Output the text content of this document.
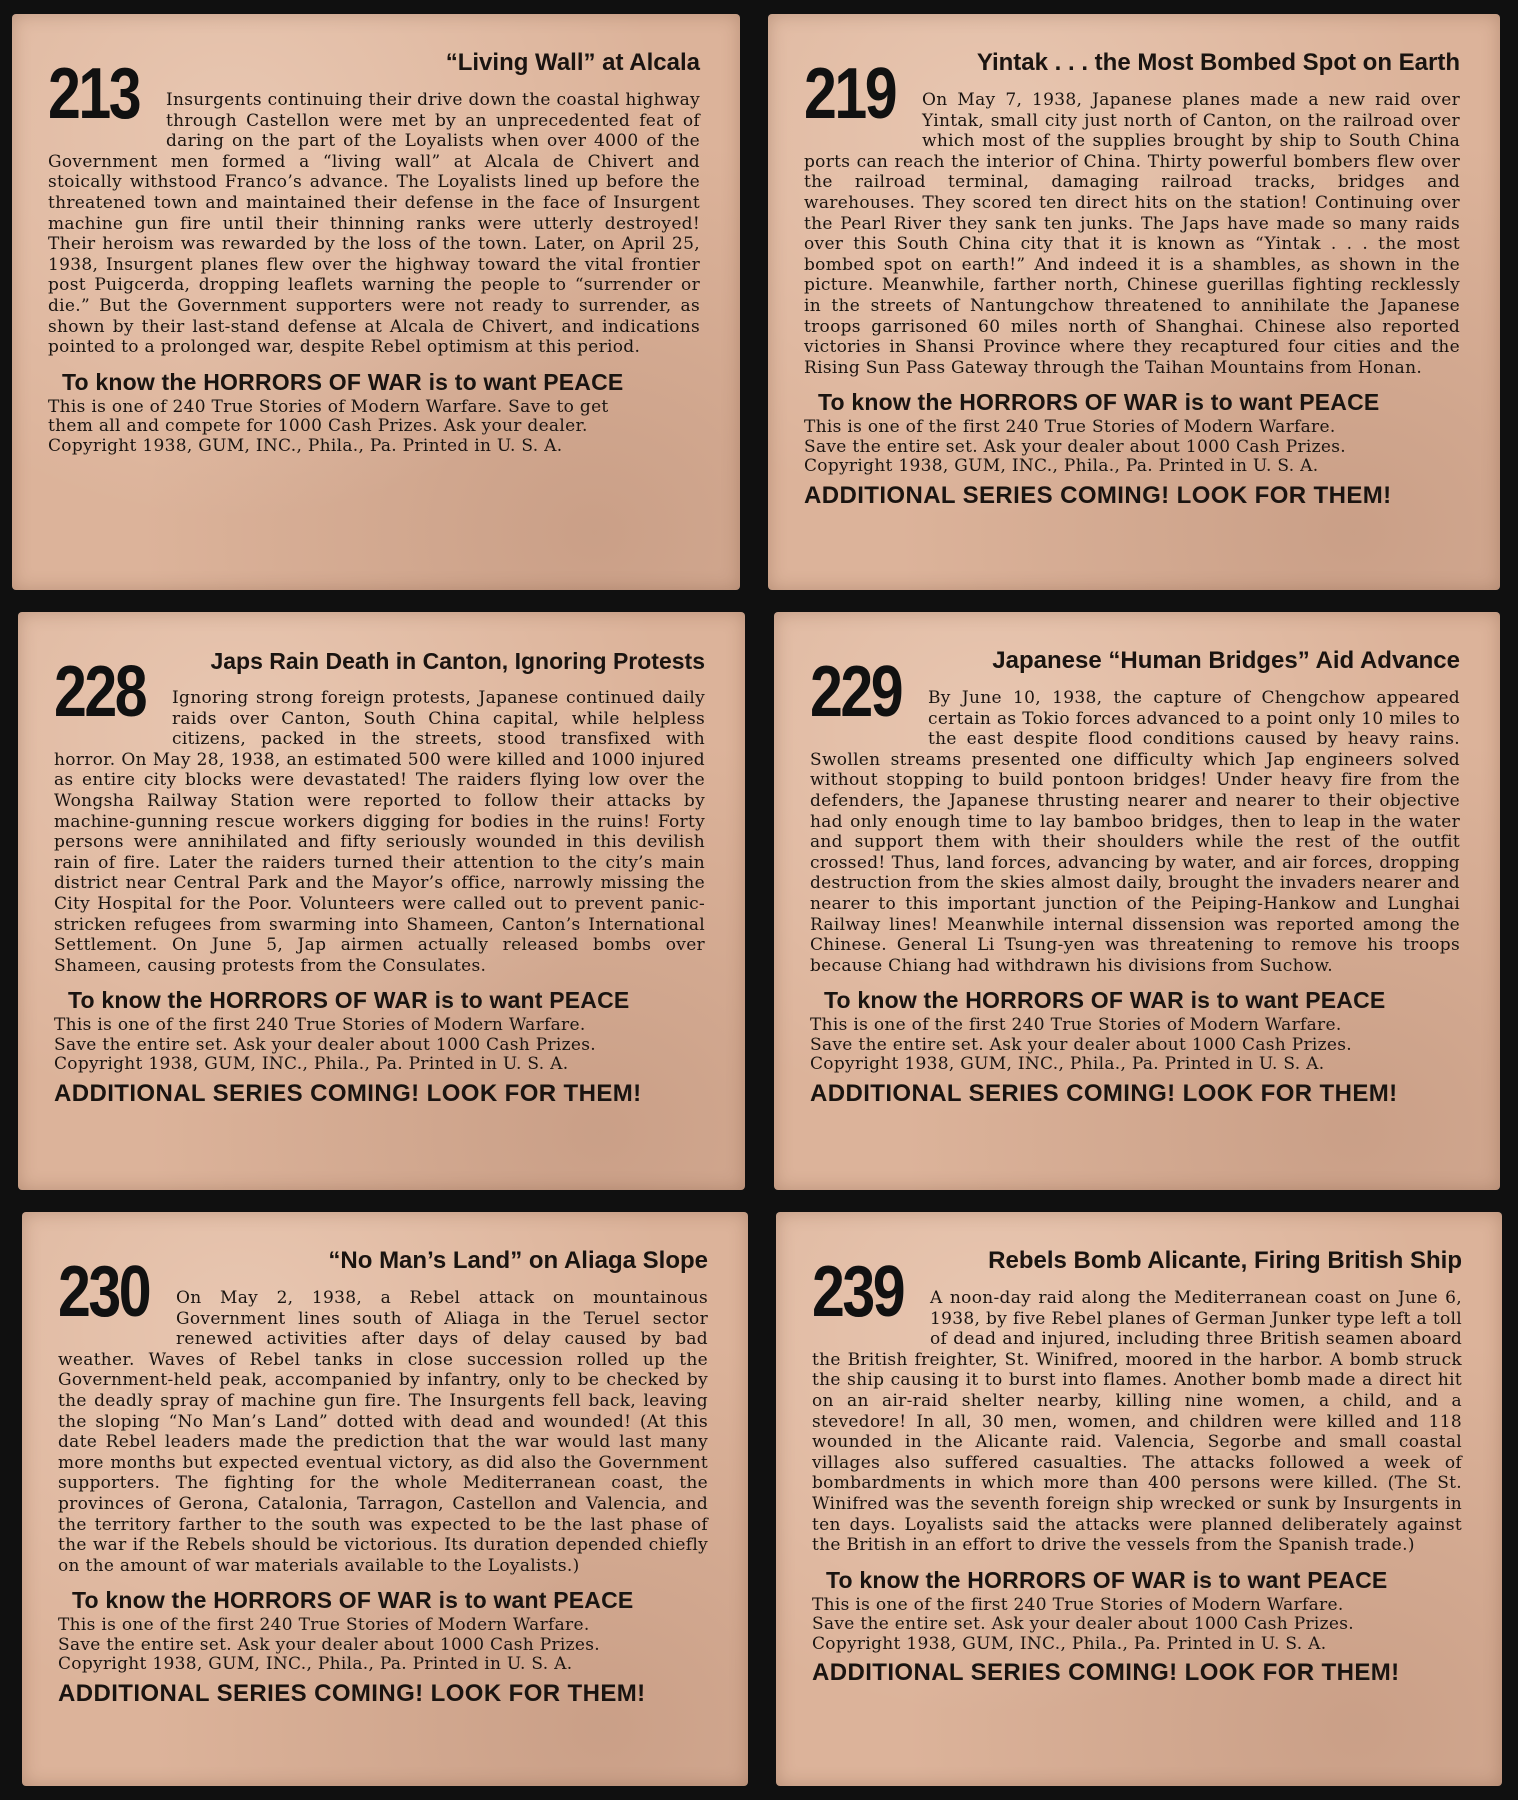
213	“Living Wall” at Alcala
Insurgents continuing their drive down the coastal highway through Castellon were met by an unprecedented feat of daring on the part of the Loyalists when over 4000 of the Government men formed a “living wall” at Alcala de Chivert and stoically withstood Franco’s advance. The Loyalists lined up before the threatened town and maintained their defense in the face of Insurgent machine gun fire until their thinning ranks were utterly destroyed! Their heroism was rewarded by the loss of the town. Later, on April 25, 1938, Insurgent planes flew over the highway toward the vital frontier post Puigcerda, dropping leaflets warning the people to “surrender or die.” But the Government supporters were not ready to surrender, as shown by their last-stand defense at Alcala de Chivert, and indications pointed to a prolonged war, despite Rebel optimism at this period.
To know the HORRORS OF WAR is to want PEACE
This is one of 240 True Stories of Modern Warfare. Save to get
them all and compete for 1000 Cash Prizes. Ask your dealer.
Copyright 1938, GUM, INC., Phila., Pa. Printed in U. S. A.
219	Yintak . . . the Most Bombed Spot on Earth
On May 7, 1938, Japanese planes made a new raid over Yintak, small city just north of Canton, on the railroad over which most of the supplies brought by ship to South China ports can reach the interior of China. Thirty powerful bombers flew over the railroad terminal, damaging railroad tracks, bridges and warehouses. They scored ten direct hits on the station! Continuing over the Pearl River they sank ten junks. The Japs have made so many raids over this South China city that it is known as “Yintak . . . the most bombed spot on earth!” And indeed it is a shambles, as shown in the picture. Meanwhile, farther north, Chinese guerillas fighting recklessly in the streets of Nantungchow threatened to annihilate the Japanese troops garrisoned 60 miles north of Shanghai. Chinese also reported victories in Shansi Province where they recaptured four cities and the Rising Sun Pass Gateway through the Taihan Mountains from Honan.
To know the HORRORS OF WAR is to want PEACE
This is one of the first 240 True Stories of Modern Warfare.
Save the entire set. Ask your dealer about 1000 Cash Prizes.
Copyright 1938, GUM, INC., Phila., Pa. Printed in U. S. A.
ADDITIONAL SERIES COMING! LOOK FOR THEM!
228	Japs Rain Death in Canton, Ignoring Protests
Ignoring strong foreign protests, Japanese continued daily raids over Canton, South China capital, while helpless citizens, packed in the streets, stood transfixed with horror. On May 28, 1938, an estimated 500 were killed and 1000 injured as entire city blocks were devastated! The raiders flying low over the Wongsha Railway Station were reported to follow their attacks by machine-gunning rescue workers digging for bodies in the ruins! Forty persons were annihilated and fifty seriously wounded in this devilish rain of fire. Later the raiders turned their attention to the city’s main district near Central Park and the Mayor’s office, narrowly missing the City Hospital for the Poor. Volunteers were called out to prevent panic-stricken refugees from swarming into Shameen, Canton’s International Settlement. On June 5, Jap airmen actually released bombs over Shameen, causing protests from the Consulates.
To know the HORRORS OF WAR is to want PEACE
This is one of the first 240 True Stories of Modern Warfare.
Save the entire set. Ask your dealer about 1000 Cash Prizes.
Copyright 1938, GUM, INC., Phila., Pa. Printed in U. S. A.
ADDITIONAL SERIES COMING! LOOK FOR THEM!
229	Japanese “Human Bridges” Aid Advance
By June 10, 1938, the capture of Chengchow appeared certain as Tokio forces advanced to a point only 10 miles to the east despite flood conditions caused by heavy rains. Swollen streams presented one difficulty which Jap engineers solved without stopping to build pontoon bridges! Under heavy fire from the defenders, the Japanese thrusting nearer and nearer to their objective had only enough time to lay bamboo bridges, then to leap in the water and support them with their shoulders while the rest of the outfit crossed! Thus, land forces, advancing by water, and air forces, dropping destruction from the skies almost daily, brought the invaders nearer and nearer to this important junction of the Peiping-Hankow and Lunghai Railway lines! Meanwhile internal dissension was reported among the Chinese. General Li Tsung-yen was threatening to remove his troops because Chiang had withdrawn his divisions from Suchow.
To know the HORRORS OF WAR is to want PEACE
This is one of the first 240 True Stories of Modern Warfare.
Save the entire set. Ask your dealer about 1000 Cash Prizes.
Copyright 1938, GUM, INC., Phila., Pa. Printed in U. S. A.
ADDITIONAL SERIES COMING! LOOK FOR THEM!
230	“No Man’s Land” on Aliaga Slope
On May 2, 1938, a Rebel attack on mountainous Government lines south of Aliaga in the Teruel sector renewed activities after days of delay caused by bad weather. Waves of Rebel tanks in close succession rolled up the Government-held peak, accompanied by infantry, only to be checked by the deadly spray of machine gun fire. The Insurgents fell back, leaving the sloping “No Man’s Land” dotted with dead and wounded! (At this date Rebel leaders made the prediction that the war would last many more months but expected eventual victory, as did also the Government supporters. The fighting for the whole Mediterranean coast, the provinces of Gerona, Catalonia, Tarragon, Castellon and Valencia, and the territory farther to the south was expected to be the last phase of the war if the Rebels should be victorious. Its duration depended chiefly on the amount of war materials available to the Loyalists.)
To know the HORRORS OF WAR is to want PEACE
This is one of the first 240 True Stories of Modern Warfare.
Save the entire set. Ask your dealer about 1000 Cash Prizes.
Copyright 1938, GUM, INC., Phila., Pa. Printed in U. S. A.
ADDITIONAL SERIES COMING! LOOK FOR THEM!
239	Rebels Bomb Alicante, Firing British Ship
A noon-day raid along the Mediterranean coast on June 6, 1938, by five Rebel planes of German Junker type left a toll of dead and injured, including three British seamen aboard the British freighter, St. Winifred, moored in the harbor. A bomb struck the ship causing it to burst into flames. Another bomb made a direct hit on an air-raid shelter nearby, killing nine women, a child, and a stevedore! In all, 30 men, women, and children were killed and 118 wounded in the Alicante raid. Valencia, Segorbe and small coastal villages also suffered casualties. The attacks followed a week of bombardments in which more than 400 persons were killed. (The St. Winifred was the seventh foreign ship wrecked or sunk by Insurgents in ten days. Loyalists said the attacks were planned deliberately against the British in an effort to drive the vessels from the Spanish trade.)
To know the HORRORS OF WAR is to want PEACE
This is one of the first 240 True Stories of Modern Warfare.
Save the entire set. Ask your dealer about 1000 Cash Prizes.
Copyright 1938, GUM, INC., Phila., Pa. Printed in U. S. A.
ADDITIONAL SERIES COMING! LOOK FOR THEM!
